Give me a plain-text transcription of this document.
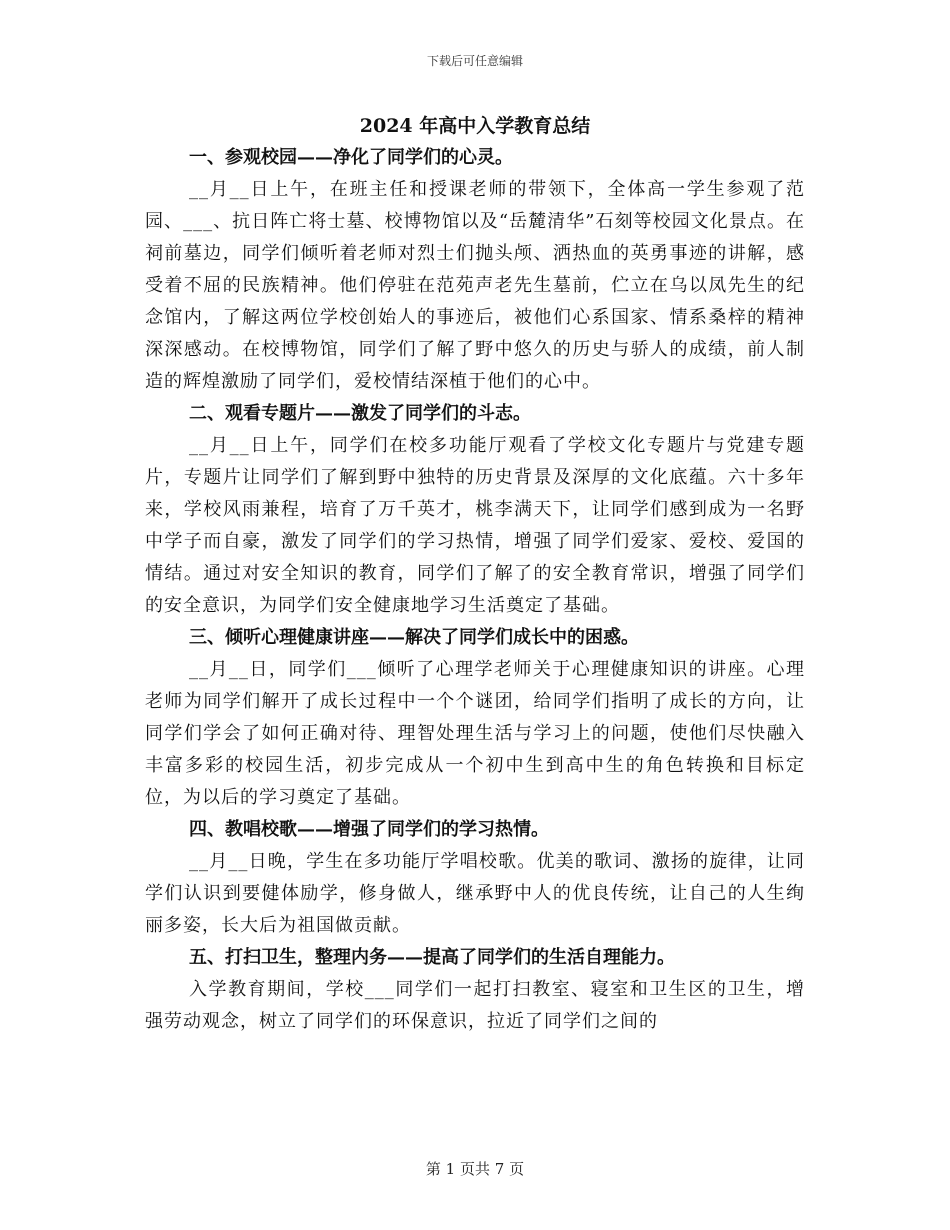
下载后可任意编辑

2024 年高中入学教育总结

一、参观校园——净化了同学们的心灵。

__月__日上午，在班主任和授课老师的带领下，全体高一学生参观了范园、___、抗日阵亡将士墓、校博物馆以及“岳麓清华”石刻等校园文化景点。在祠前墓边，同学们倾听着老师对烈士们抛头颅、洒热血的英勇事迹的讲解，感受着不屈的民族精神。他们停驻在范苑声老先生墓前，伫立在乌以凤先生的纪念馆内，了解这两位学校创始人的事迹后，被他们心系国家、情系桑梓的精神深深感动。在校博物馆，同学们了解了野中悠久的历史与骄人的成绩，前人制造的辉煌激励了同学们，爱校情结深植于他们的心中。

二、观看专题片——激发了同学们的斗志。

__月__日上午，同学们在校多功能厅观看了学校文化专题片与党建专题片，专题片让同学们了解到野中独特的历史背景及深厚的文化底蕴。六十多年来，学校风雨兼程，培育了万千英才，桃李满天下，让同学们感到成为一名野中学子而自豪，激发了同学们的学习热情，增强了同学们爱家、爱校、爱国的情结。通过对安全知识的教育，同学们了解了的安全教育常识，增强了同学们的安全意识，为同学们安全健康地学习生活奠定了基础。

三、倾听心理健康讲座——解决了同学们成长中的困惑。

__月__日，同学们___倾听了心理学老师关于心理健康知识的讲座。心理老师为同学们解开了成长过程中一个个谜团，给同学们指明了成长的方向，让同学们学会了如何正确对待、理智处理生活与学习上的问题，使他们尽快融入丰富多彩的校园生活，初步完成从一个初中生到高中生的角色转换和目标定位，为以后的学习奠定了基础。

四、教唱校歌——增强了同学们的学习热情。

__月__日晚，学生在多功能厅学唱校歌。优美的歌词、激扬的旋律，让同学们认识到要健体励学，修身做人，继承野中人的优良传统，让自己的人生绚丽多姿，长大后为祖国做贡献。

五、打扫卫生，整理内务——提高了同学们的生活自理能力。

入学教育期间，学校___同学们一起打扫教室、寝室和卫生区的卫生，增强劳动观念，树立了同学们的环保意识，拉近了同学们之间的

第 1 页共 7 页
